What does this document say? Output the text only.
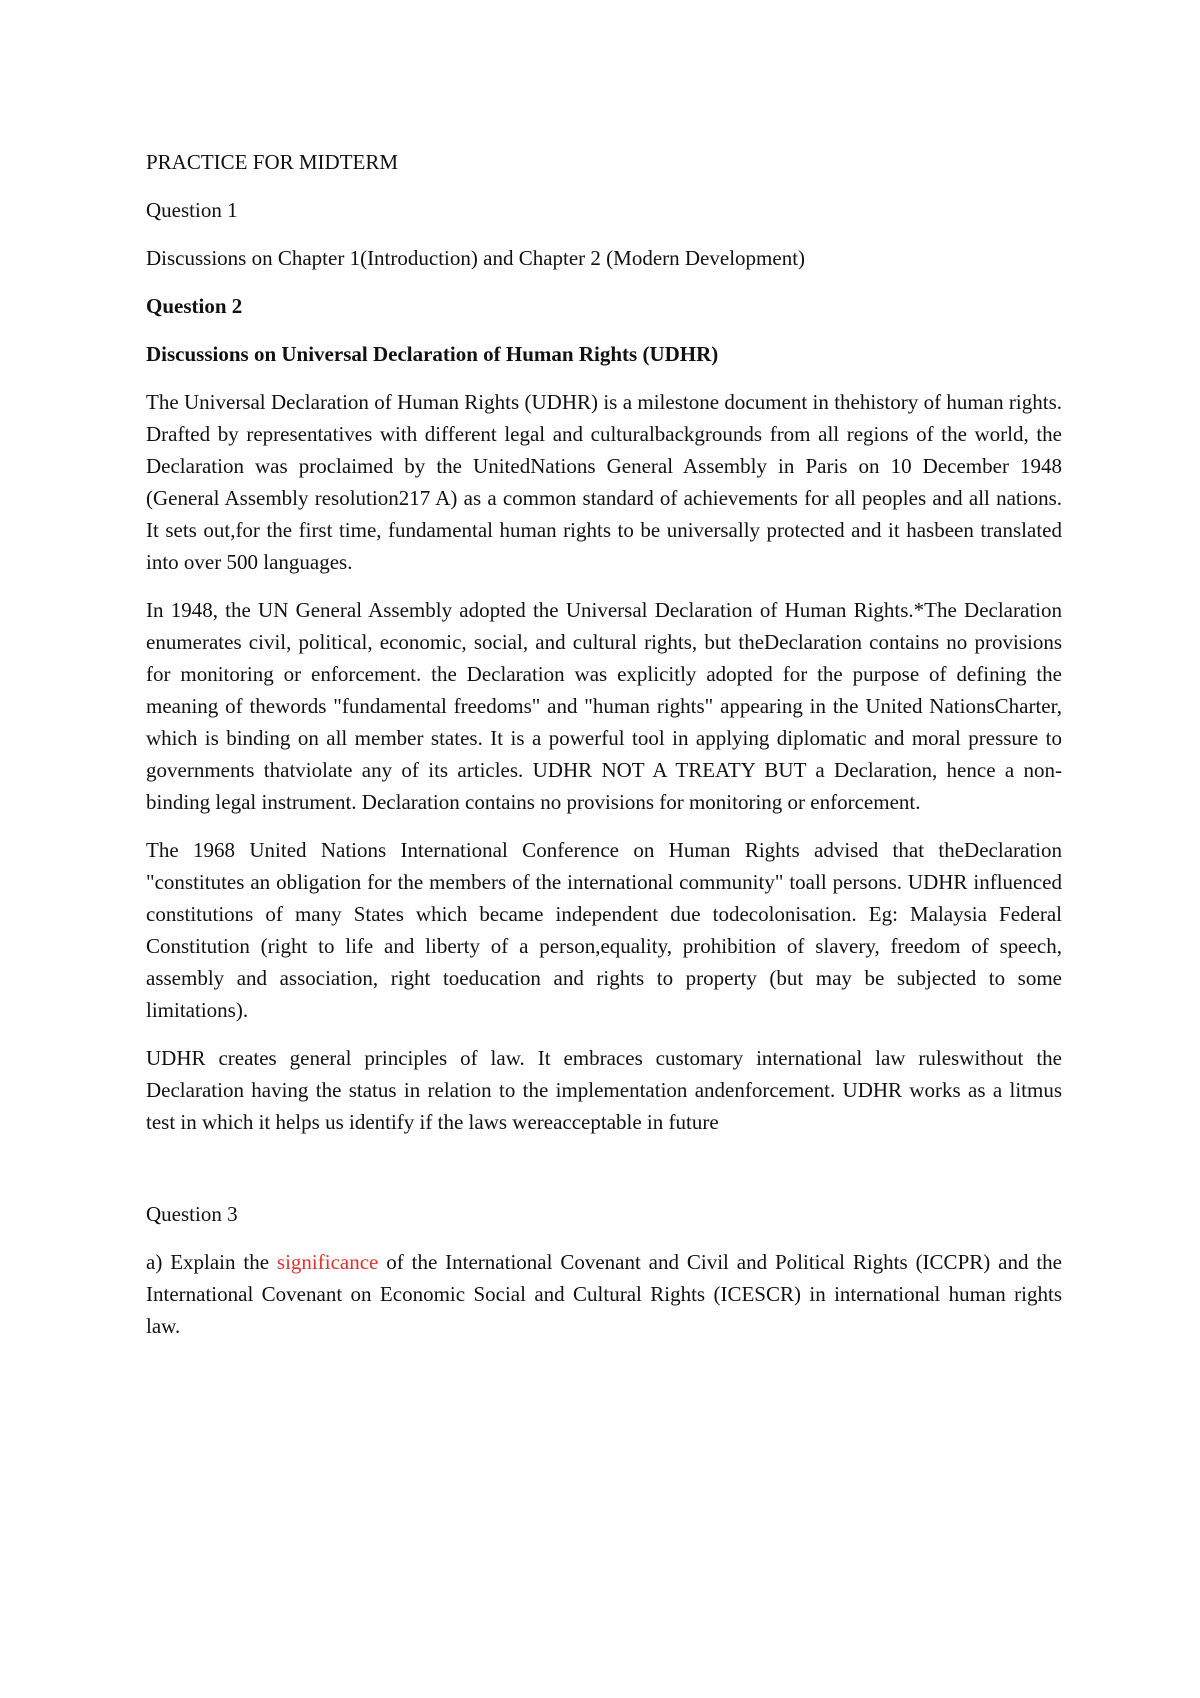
PRACTICE FOR MIDTERM

Question 1

Discussions on Chapter 1(Introduction) and Chapter 2 (Modern Development)

Question 2

Discussions on Universal Declaration of Human Rights (UDHR)

The Universal Declaration of Human Rights (UDHR) is a milestone document in thehistory of human rights. Drafted by representatives with different legal and culturalbackgrounds from all regions of the world, the Declaration was proclaimed by the UnitedNations General Assembly in Paris on 10 December 1948 (General Assembly resolution217 A) as a common standard of achievements for all peoples and all nations. It sets out,for the first time, fundamental human rights to be universally protected and it hasbeen translated into over 500 languages.

In 1948, the UN General Assembly adopted the Universal Declaration of Human Rights.*The Declaration enumerates civil, political, economic, social, and cultural rights, but theDeclaration contains no provisions for monitoring or enforcement. the Declaration was explicitly adopted for the purpose of defining the meaning of thewords "fundamental freedoms" and "human rights" appearing in the United NationsCharter, which is binding on all member states. It is a powerful tool in applying diplomatic and moral pressure to governments thatviolate any of its articles. UDHR NOT A TREATY BUT a Declaration, hence a non-binding legal instrument. Declaration contains no provisions for monitoring or enforcement.

The 1968 United Nations International Conference on Human Rights advised that theDeclaration "constitutes an obligation for the members of the international community" toall persons. UDHR influenced constitutions of many States which became independent due todecolonisation. Eg: Malaysia Federal Constitution (right to life and liberty of a person,equality, prohibition of slavery, freedom of speech, assembly and association, right toeducation and rights to property (but may be subjected to some limitations).

UDHR creates general principles of law. It embraces customary international law ruleswithout the Declaration having the status in relation to the implementation andenforcement. UDHR works as a litmus test in which it helps us identify if the laws wereacceptable in future

Question 3

a) Explain the significance of the International Covenant and Civil and Political Rights (ICCPR) and the International Covenant on Economic Social and Cultural Rights (ICESCR) in international human rights law.
